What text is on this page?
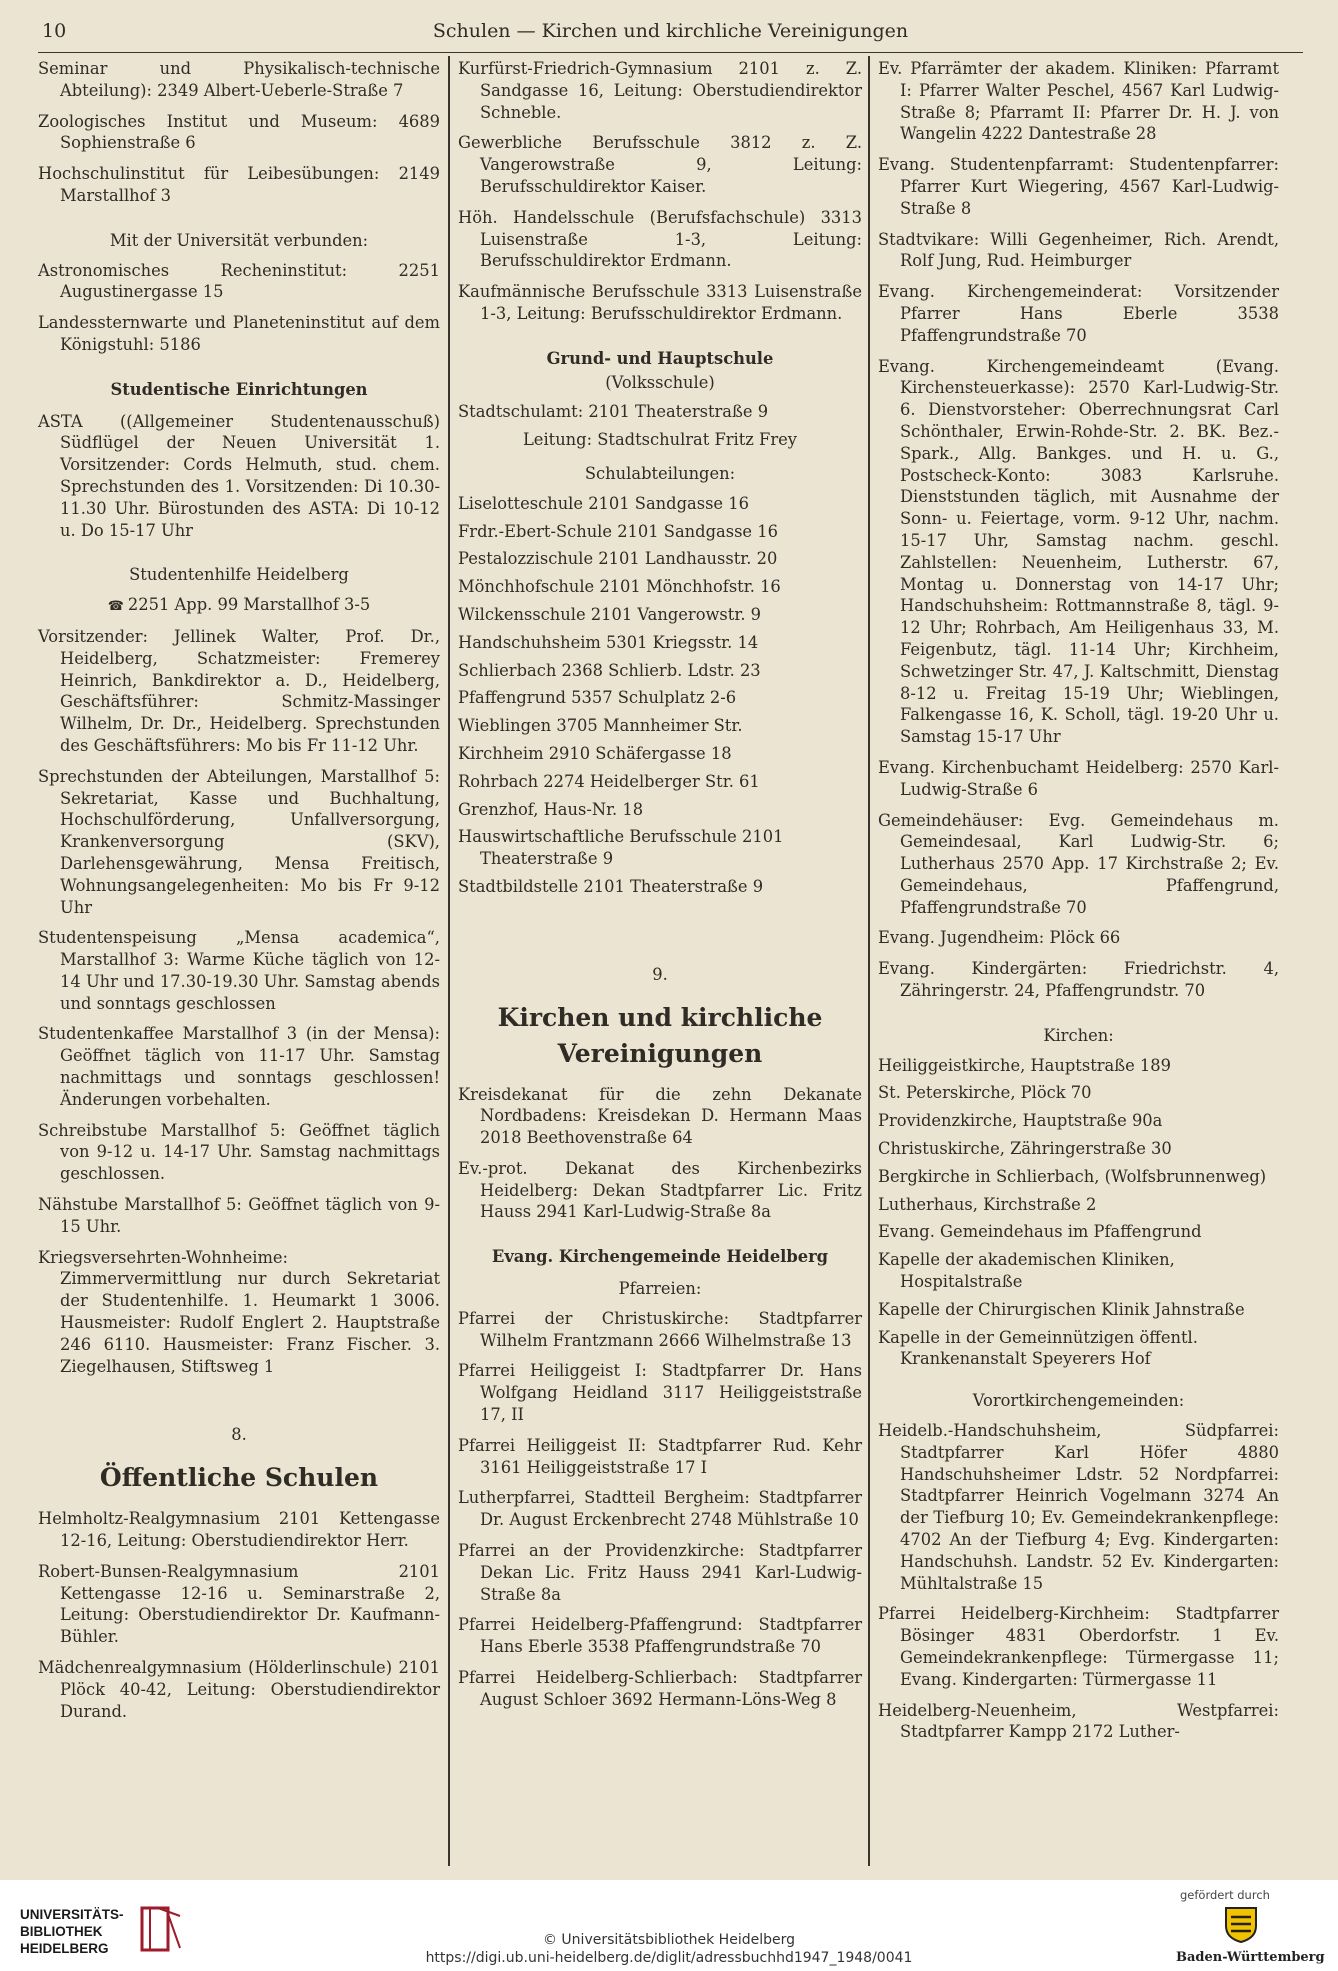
10	Schulen — Kirchen und kirchliche Vereinigungen

Seminar und Physikalisch-technische Abteilung): 2349 Albert-Ueberle-Straße 7

Zoologisches Institut und Museum: 4689 Sophienstraße 6

Hochschulinstitut für Leibesübungen: 2149 Marstallhof 3

Mit der Universität verbunden:

Astronomisches Recheninstitut: 2251 Augustinergasse 15

Landessternwarte und Planeteninstitut auf dem Königstuhl: 5186

Studentische Einrichtungen

ASTA ((Allgemeiner Studentenausschuß) Südflügel der Neuen Universität 1. Vorsitzender: Cords Helmuth, stud. chem. Sprechstunden des 1. Vorsitzenden: Di 10.30-11.30 Uhr. Bürostunden des ASTA: Di 10-12 u. Do 15-17 Uhr

Studentenhilfe Heidelberg

☎ 2251 App. 99 Marstallhof 3-5

Vorsitzender: Jellinek Walter, Prof. Dr., Heidelberg, Schatzmeister: Fremerey Heinrich, Bankdirektor a. D., Heidelberg, Geschäftsführer: Schmitz-Massinger Wilhelm, Dr. Dr., Heidelberg. Sprechstunden des Geschäftsführers: Mo bis Fr 11-12 Uhr.

Sprechstunden der Abteilungen, Marstallhof 5: Sekretariat, Kasse und Buchhaltung, Hochschulförderung, Unfallversorgung, Krankenversorgung (SKV), Darlehensgewährung, Mensa Freitisch, Wohnungsangelegenheiten: Mo bis Fr 9-12 Uhr

Studentenspeisung „Mensa academica“, Marstallhof 3: Warme Küche täglich von 12-14 Uhr und 17.30-19.30 Uhr. Samstag abends und sonntags geschlossen

Studentenkaffee Marstallhof 3 (in der Mensa): Geöffnet täglich von 11-17 Uhr. Samstag nachmittags und sonntags geschlossen! Änderungen vorbehalten.

Schreibstube Marstallhof 5: Geöffnet täglich von 9-12 u. 14-17 Uhr. Samstag nachmittags geschlossen.

Nähstube Marstallhof 5: Geöffnet täglich von 9-15 Uhr.

Kriegsversehrten-Wohnheime: Zimmervermittlung nur durch Sekretariat der Studentenhilfe. 1. Heumarkt 1 3006. Hausmeister: Rudolf Englert 2. Hauptstraße 246 6110. Hausmeister: Franz Fischer. 3. Ziegelhausen, Stiftsweg 1

8.

Öffentliche Schulen

Helmholtz-Realgymnasium 2101 Kettengasse 12-16, Leitung: Oberstudiendirektor Herr.

Robert-Bunsen-Realgymnasium 2101 Kettengasse 12-16 u. Seminarstraße 2, Leitung: Oberstudiendirektor Dr. Kaufmann-Bühler.

Mädchenrealgymnasium (Hölderlinschule) 2101 Plöck 40-42, Leitung: Oberstudiendirektor Durand.

Kurfürst-Friedrich-Gymnasium 2101 z. Z. Sandgasse 16, Leitung: Oberstudiendirektor Schneble.

Gewerbliche Berufsschule 3812 z. Z. Vangerowstraße 9, Leitung: Berufsschuldirektor Kaiser.

Höh. Handelsschule (Berufsfachschule) 3313 Luisenstraße 1-3, Leitung: Berufsschuldirektor Erdmann.

Kaufmännische Berufsschule 3313 Luisenstraße 1-3, Leitung: Berufsschuldirektor Erdmann.

Grund- und Hauptschule

(Volksschule)

Stadtschulamt: 2101 Theaterstraße 9

Leitung: Stadtschulrat Fritz Frey

Schulabteilungen:

Liselotteschule 2101 Sandgasse 16

Frdr.-Ebert-Schule 2101 Sandgasse 16

Pestalozzischule 2101 Landhausstr. 20

Mönchhofschule 2101 Mönchhofstr. 16

Wilckensschule 2101 Vangerowstr. 9

Handschuhsheim 5301 Kriegsstr. 14

Schlierbach 2368 Schlierb. Ldstr. 23

Pfaffengrund 5357 Schulplatz 2-6

Wieblingen 3705 Mannheimer Str.

Kirchheim 2910 Schäfergasse 18

Rohrbach 2274 Heidelberger Str. 61

Grenzhof, Haus-Nr. 18

Hauswirtschaftliche Berufsschule 2101 Theaterstraße 9

Stadtbildstelle 2101 Theaterstraße 9

9.

Kirchen und kirchliche Vereinigungen

Kreisdekanat für die zehn Dekanate Nordbadens: Kreisdekan D. Hermann Maas 2018 Beethovenstraße 64

Ev.-prot. Dekanat des Kirchenbezirks Heidelberg: Dekan Stadtpfarrer Lic. Fritz Hauss 2941 Karl-Ludwig-Straße 8a

Evang. Kirchengemeinde Heidelberg

Pfarreien:

Pfarrei der Christuskirche: Stadtpfarrer Wilhelm Frantzmann 2666 Wilhelmstraße 13

Pfarrei Heiliggeist I: Stadtpfarrer Dr. Hans Wolfgang Heidland 3117 Heiliggeiststraße 17, II

Pfarrei Heiliggeist II: Stadtpfarrer Rud. Kehr 3161 Heiliggeiststraße 17 I

Lutherpfarrei, Stadtteil Bergheim: Stadtpfarrer Dr. August Erckenbrecht 2748 Mühlstraße 10

Pfarrei an der Providenzkirche: Stadtpfarrer Dekan Lic. Fritz Hauss 2941 Karl-Ludwig-Straße 8a

Pfarrei Heidelberg-Pfaffengrund: Stadtpfarrer Hans Eberle 3538 Pfaffengrundstraße 70

Pfarrei Heidelberg-Schlierbach: Stadtpfarrer August Schloer 3692 Hermann-Löns-Weg 8

Ev. Pfarrämter der akadem. Kliniken: Pfarramt I: Pfarrer Walter Peschel, 4567 Karl Ludwig-Straße 8; Pfarramt II: Pfarrer Dr. H. J. von Wangelin 4222 Dantestraße 28

Evang. Studentenpfarramt: Studentenpfarrer: Pfarrer Kurt Wiegering, 4567 Karl-Ludwig-Straße 8

Stadtvikare: Willi Gegenheimer, Rich. Arendt, Rolf Jung, Rud. Heimburger

Evang. Kirchengemeinderat: Vorsitzender Pfarrer Hans Eberle 3538 Pfaffengrundstraße 70

Evang. Kirchengemeindeamt (Evang. Kirchensteuerkasse): 2570 Karl-Ludwig-Str. 6. Dienstvorsteher: Oberrechnungsrat Carl Schönthaler, Erwin-Rohde-Str. 2. BK. Bez.-Spark., Allg. Bankges. und H. u. G., Postscheck-Konto: 3083 Karlsruhe. Dienststunden täglich, mit Ausnahme der Sonn- u. Feiertage, vorm. 9-12 Uhr, nachm. 15-17 Uhr, Samstag nachm. geschl. Zahlstellen: Neuenheim, Lutherstr. 67, Montag u. Donnerstag von 14-17 Uhr; Handschuhsheim: Rottmannstraße 8, tägl. 9-12 Uhr; Rohrbach, Am Heiligenhaus 33, M. Feigenbutz, tägl. 11-14 Uhr; Kirchheim, Schwetzinger Str. 47, J. Kaltschmitt, Dienstag 8-12 u. Freitag 15-19 Uhr; Wieblingen, Falkengasse 16, K. Scholl, tägl. 19-20 Uhr u. Samstag 15-17 Uhr

Evang. Kirchenbuchamt Heidelberg: 2570 Karl-Ludwig-Straße 6

Gemeindehäuser: Evg. Gemeindehaus m. Gemeindesaal, Karl Ludwig-Str. 6; Lutherhaus 2570 App. 17 Kirchstraße 2; Ev. Gemeindehaus, Pfaffengrund, Pfaffengrundstraße 70

Evang. Jugendheim: Plöck 66

Evang. Kindergärten: Friedrichstr. 4, Zähringerstr. 24, Pfaffengrundstr. 70

Kirchen:

Heiliggeistkirche, Hauptstraße 189

St. Peterskirche, Plöck 70

Providenzkirche, Hauptstraße 90a

Christuskirche, Zähringerstraße 30

Bergkirche in Schlierbach, (Wolfsbrunnenweg)

Lutherhaus, Kirchstraße 2

Evang. Gemeindehaus im Pfaffengrund

Kapelle der akademischen Kliniken, Hospitalstraße

Kapelle der Chirurgischen Klinik Jahnstraße

Kapelle in der Gemeinnützigen öffentl. Krankenanstalt Speyerers Hof

Vorortkirchengemeinden:

Heidelb.-Handschuhsheim, Südpfarrei: Stadtpfarrer Karl Höfer 4880 Handschuhsheimer Ldstr. 52 Nordpfarrei: Stadtpfarrer Heinrich Vogelmann 3274 An der Tiefburg 10; Ev. Gemeindekrankenpflege: 4702 An der Tiefburg 4; Evg. Kindergarten: Handschuhsh. Landstr. 52 Ev. Kindergarten: Mühltalstraße 15

Pfarrei Heidelberg-Kirchheim: Stadtpfarrer Bösinger 4831 Oberdorfstr. 1 Ev. Gemeindekrankenpflege: Türmergasse 11; Evang. Kindergarten: Türmergasse 11

Heidelberg-Neuenheim, Westpfarrei: Stadtpfarrer Kampp 2172 Luther-

UNIVERSITÄTS-
BIBLIOTHEK
HEIDELBERG
© Universitätsbibliothek Heidelberg
https://digi.ub.uni-heidelberg.de/diglit/adressbuchhd1947_1948/0041
gefördert durch
Baden-Württemberg
